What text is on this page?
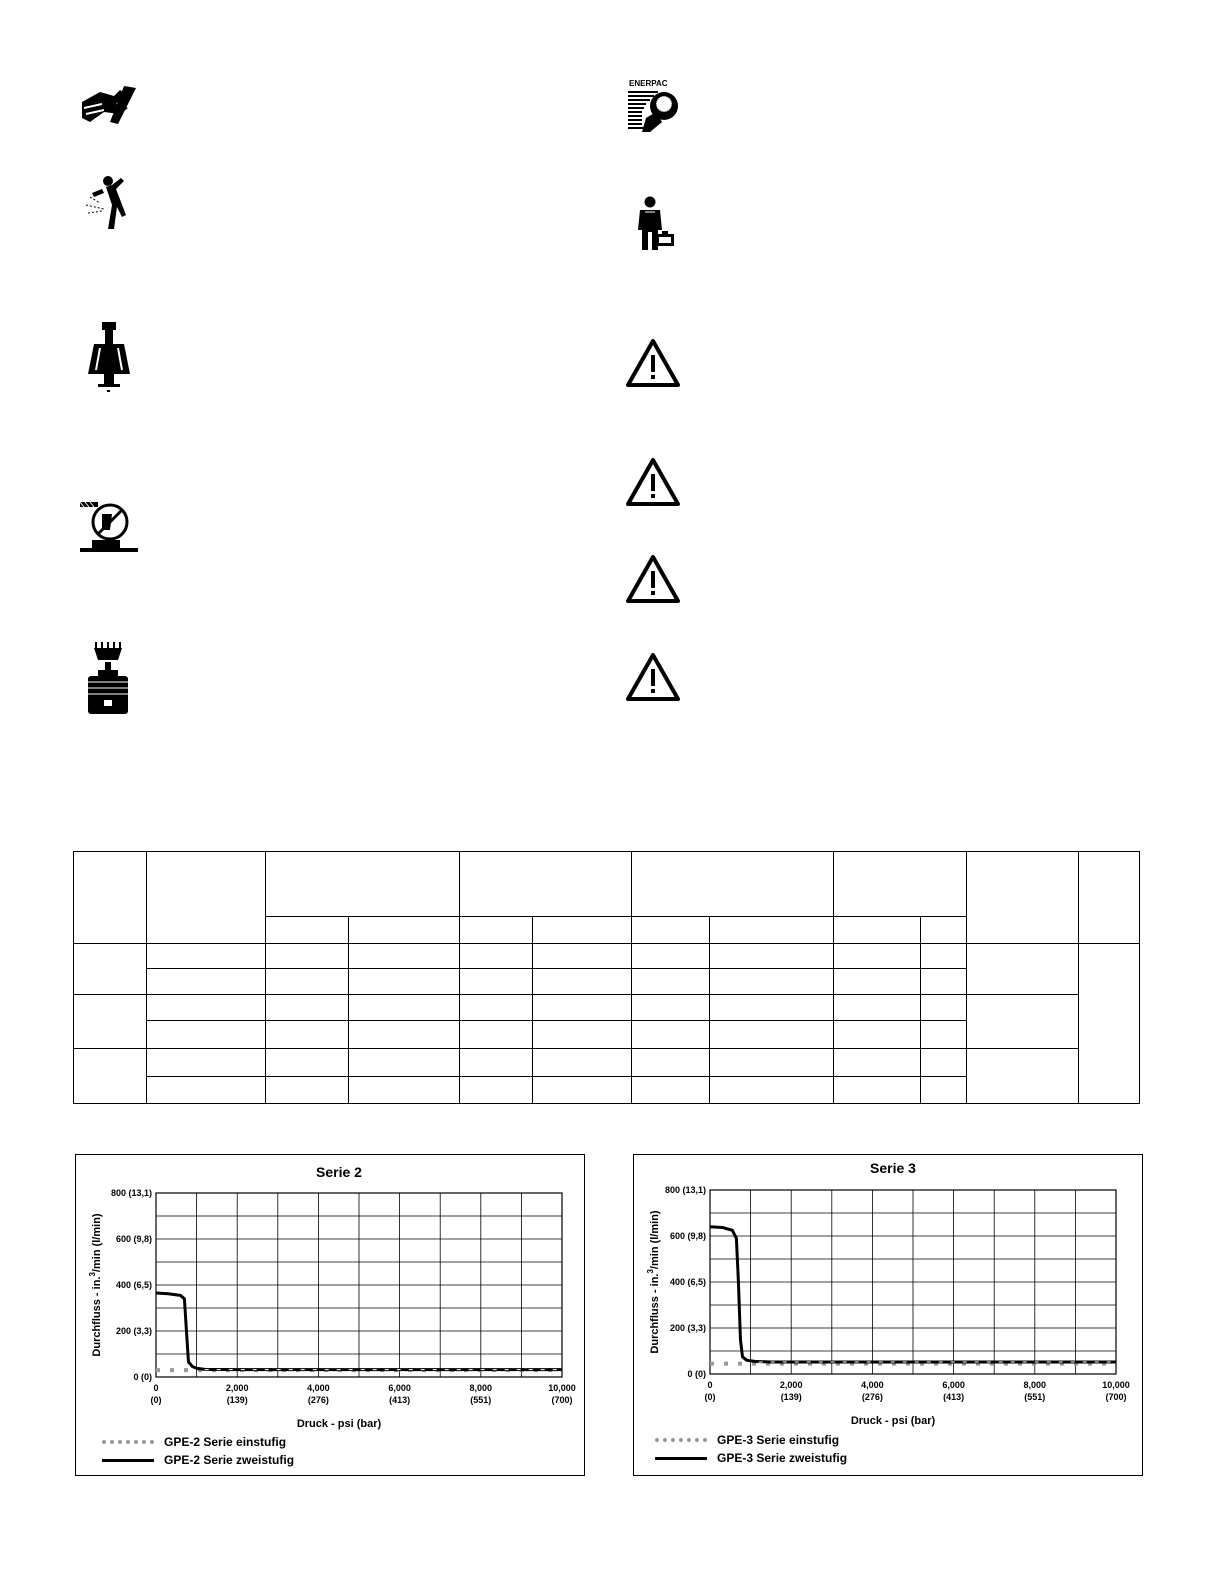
ENERPAC
Serie 2
800 (13,1)
600 (9,8)
400 (6,5)
200 (3,3)
0 (0)
0
(0)
2,000
(139)
4,000
(276)
6,000
(413)
8,000
(551)
10,000
(700)
Druck - psi (bar)
Durchfluss - in.$^3$/min (l/min)
GPE-2 Serie einstufig
GPE-2 Serie zweistufig
Serie 3
800 (13,1)
600 (9,8)
400 (6,5)
200 (3,3)
0 (0)
0
(0)
2,000
(139)
4,000
(276)
6,000
(413)
8,000
(551)
10,000
(700)
Druck - psi (bar)
Durchfluss - in.$^3$/min (l/min)
GPE-3 Serie einstufig
GPE-3 Serie zweistufig
